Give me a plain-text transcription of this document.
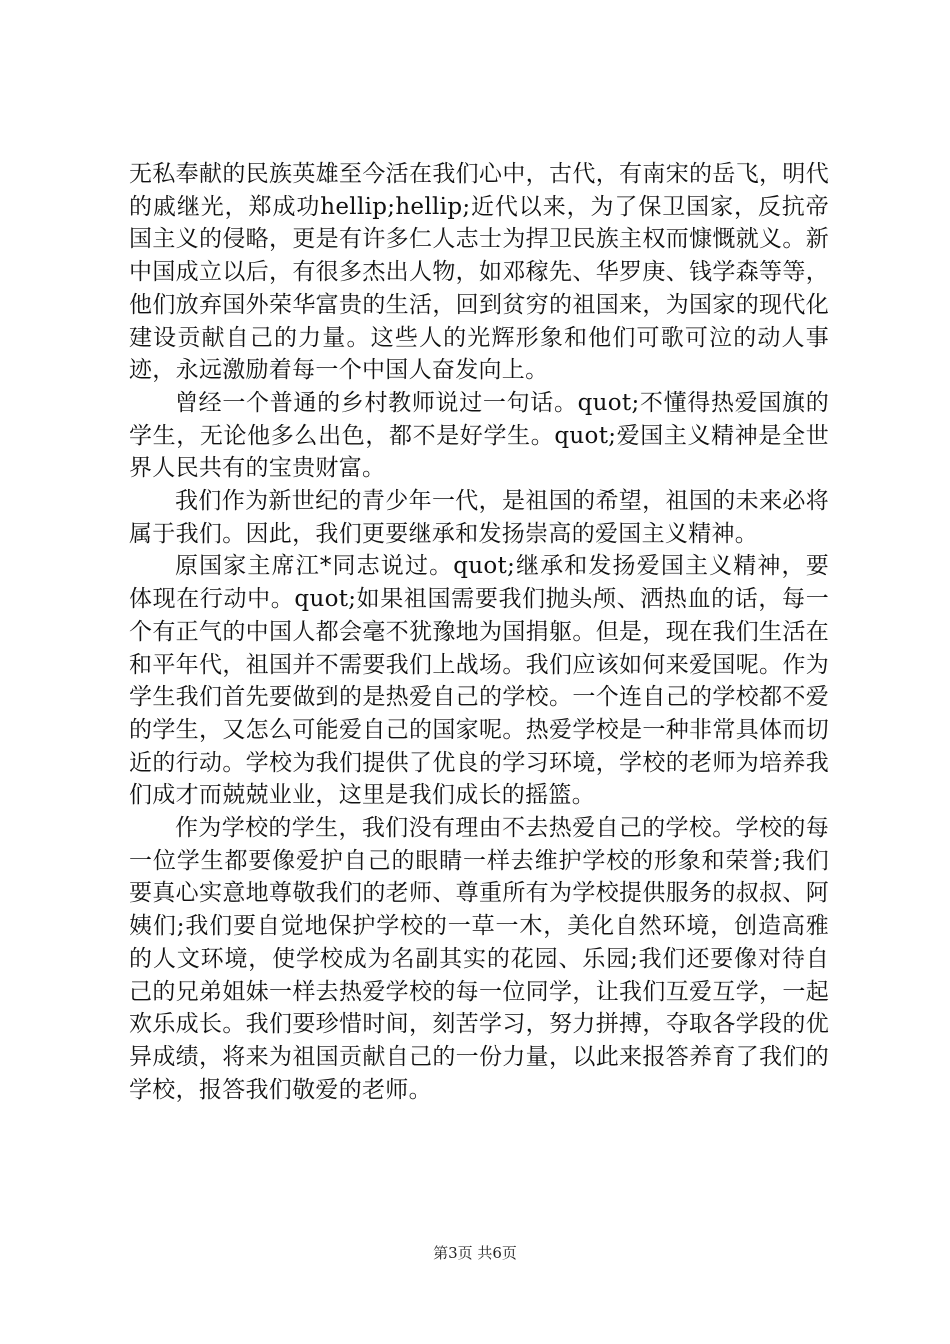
无私奉献的民族英雄至今活在我们心中，古代，有南宋的岳飞，明代的戚继光，郑成功hellip;hellip;近代以来，为了保卫国家，反抗帝国主义的侵略，更是有许多仁人志士为捍卫民族主权而慷慨就义。新中国成立以后，有很多杰出人物，如邓稼先、华罗庚、钱学森等等，他们放弃国外荣华富贵的生活，回到贫穷的祖国来，为国家的现代化建设贡献自己的力量。这些人的光辉形象和他们可歌可泣的动人事迹，永远激励着每一个中国人奋发向上。

曾经一个普通的乡村教师说过一句话。quot;不懂得热爱国旗的学生，无论他多么出色，都不是好学生。quot;爱国主义精神是全世界人民共有的宝贵财富。

我们作为新世纪的青少年一代，是祖国的希望，祖国的未来必将属于我们。因此，我们更要继承和发扬崇高的爱国主义精神。

原国家主席江*同志说过。quot;继承和发扬爱国主义精神，要体现在行动中。quot;如果祖国需要我们抛头颅、洒热血的话，每一个有正气的中国人都会毫不犹豫地为国捐躯。但是，现在我们生活在和平年代，祖国并不需要我们上战场。我们应该如何来爱国呢。作为学生我们首先要做到的是热爱自己的学校。一个连自己的学校都不爱的学生，又怎么可能爱自己的国家呢。热爱学校是一种非常具体而切近的行动。学校为我们提供了优良的学习环境，学校的老师为培养我们成才而兢兢业业，这里是我们成长的摇篮。

作为学校的学生，我们没有理由不去热爱自己的学校。学校的每一位学生都要像爱护自己的眼睛一样去维护学校的形象和荣誉;我们要真心实意地尊敬我们的老师、尊重所有为学校提供服务的叔叔、阿姨们;我们要自觉地保护学校的一草一木，美化自然环境，创造高雅的人文环境，使学校成为名副其实的花园、乐园;我们还要像对待自己的兄弟姐妹一样去热爱学校的每一位同学，让我们互爱互学，一起欢乐成长。我们要珍惜时间，刻苦学习，努力拼搏，夺取各学段的优异成绩，将来为祖国贡献自己的一份力量，以此来报答养育了我们的学校，报答我们敬爱的老师。

第3页 共6页
